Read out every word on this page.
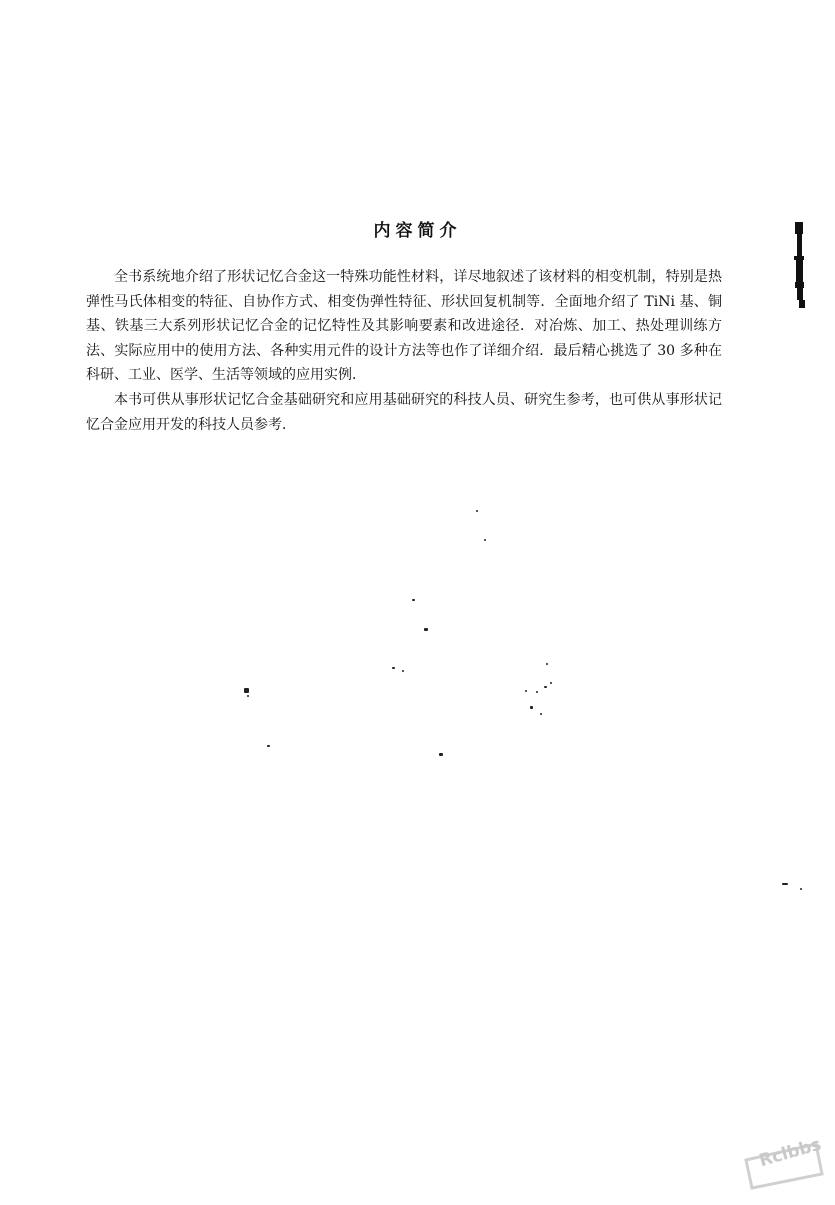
内容简介

全书系统地介绍了形状记忆合金这一特殊功能性材料，详尽地叙述了该材料的相变机制，特别是热弹性马氏体相变的特征、自协作方式、相变伪弹性特征、形状回复机制等．全面地介绍了 TiNi 基、铜基、铁基三大系列形状记忆合金的记忆特性及其影响要素和改进途径．对冶炼、加工、热处理训练方法、实际应用中的使用方法、各种实用元件的设计方法等也作了详细介绍．最后精心挑选了 30 多种在科研、工业、医学、生活等领域的应用实例．

本书可供从事形状记忆合金基础研究和应用基础研究的科技人员、研究生参考，也可供从事形状记忆合金应用开发的科技人员参考．

Rclbbs
